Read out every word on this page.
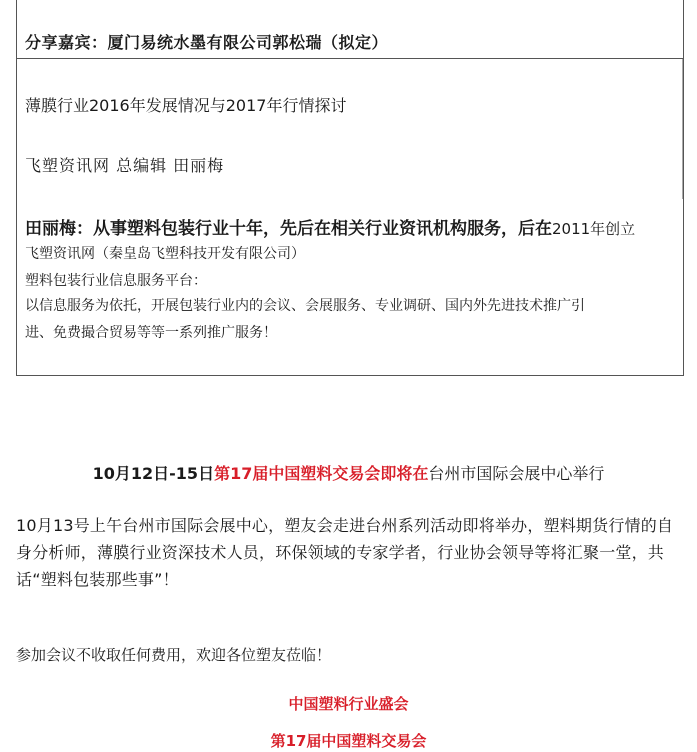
分享嘉宾：厦门易统水墨有限公司郭松瑞（拟定）
薄膜行业2016年发展情况与2017年行情探讨
飞塑资讯网 总编辑 田丽梅
田丽梅：从事塑料包装行业十年，先后在相关行业资讯机构服务，后在2011年创立
飞塑资讯网（秦皇岛飞塑科技开发有限公司）
塑料包装行业信息服务平台：
以信息服务为依托，开展包装行业内的会议、会展服务、专业调研、国内外先进技术推广引
进、免费撮合贸易等等一系列推广服务！
10月12日-15日第17届中国塑料交易会即将在台州市国际会展中心举行

10月13号上午台州市国际会展中心，塑友会走进台州系列活动即将举办，塑料期货行情的自身分析师，薄膜行业资深技术人员，环保领域的专家学者，行业协会领导等将汇聚一堂，共话“塑料包装那些事”！

参加会议不收取任何费用，欢迎各位塑友莅临！
中国塑料行业盛会
第17届中国塑料交易会
